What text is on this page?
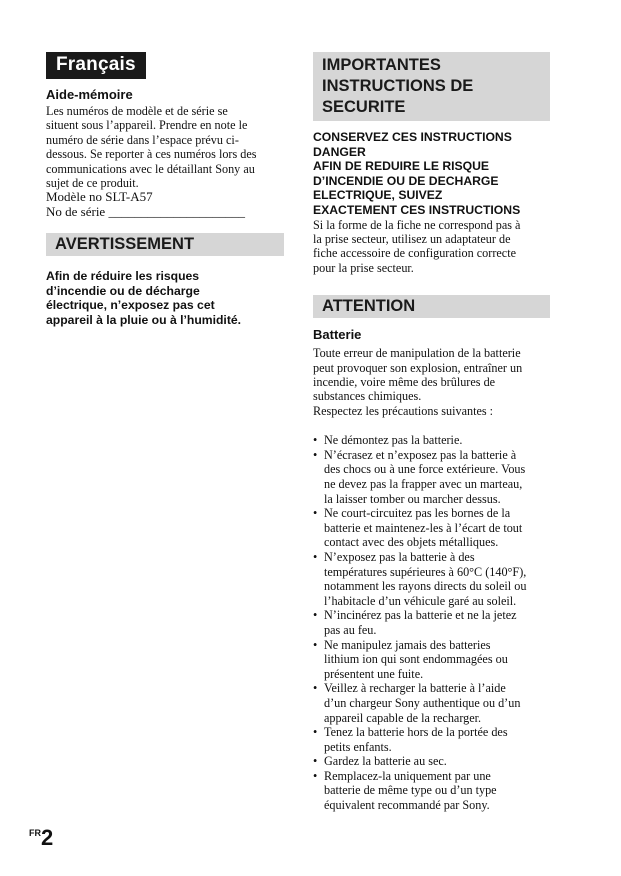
Français
Aide-mémoire

Les numéros de modèle et de série se

situent sous l’appareil. Prendre en note le

numéro de série dans l’espace prévu ci-

dessous. Se reporter à ces numéros lors des

communications avec le détaillant Sony au

sujet de ce produit.

Modèle no SLT-A57

No de série _____________________

AVERTISSEMENT
Afin de réduire les risques
d’incendie ou de décharge
électrique, n’exposez pas cet
appareil à la pluie ou à l’humidité.
IMPORTANTES
INSTRUCTIONS DE
SECURITE
CONSERVEZ CES INSTRUCTIONS
DANGER
AFIN DE REDUIRE LE RISQUE
D’INCENDIE OU DE DECHARGE
ELECTRIQUE, SUIVEZ
EXACTEMENT CES INSTRUCTIONS

Si la forme de la fiche ne correspond pas à

la prise secteur, utilisez un adaptateur de

fiche accessoire de configuration correcte

pour la prise secteur.

ATTENTION
Batterie

Toute erreur de manipulation de la batterie

peut provoquer son explosion, entraîner un

incendie, voire même des brûlures de

substances chimiques.

Respectez les précautions suivantes :

• Ne démontez pas la batterie.
• N’écrasez et n’exposez pas la batterie à
des chocs ou à une force extérieure. Vous
ne devez pas la frapper avec un marteau,
la laisser tomber ou marcher dessus.
• Ne court-circuitez pas les bornes de la
batterie et maintenez-les à l’écart de tout
contact avec des objets métalliques.
• N’exposez pas la batterie à des
températures supérieures à 60°C (140°F),
notamment les rayons directs du soleil ou
l’habitacle d’un véhicule garé au soleil.
• N’incinérez pas la batterie et ne la jetez
pas au feu.
• Ne manipulez jamais des batteries
lithium ion qui sont endommagées ou
présentent une fuite.
• Veillez à recharger la batterie à l’aide
d’un chargeur Sony authentique ou d’un
appareil capable de la recharger.
• Tenez la batterie hors de la portée des
petits enfants.
• Gardez la batterie au sec.
• Remplacez-la uniquement par une
batterie de même type ou d’un type
équivalent recommandé par Sony.
$^{FR}$2
